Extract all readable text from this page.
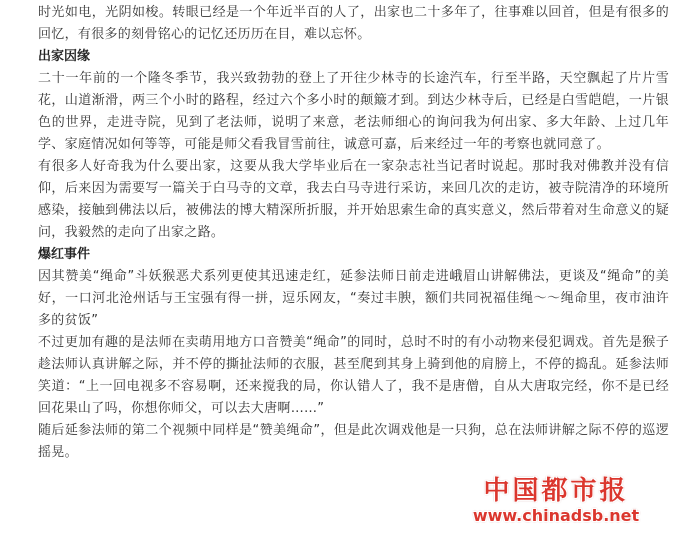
时光如电，光阴如梭。转眼已经是一个年近半百的人了，出家也二十多年了，往事难以回首，但是有很多的回忆，有很多的刻骨铭心的记忆还历历在目，难以忘怀。

出家因缘

二十一年前的一个隆冬季节，我兴致勃勃的登上了开往少林寺的长途汽车，行至半路，天空飘起了片片雪花，山道渐滑，两三个小时的路程，经过六个多小时的颠簸才到。到达少林寺后，已经是白雪皑皑，一片银色的世界，走进寺院，见到了老法师，说明了来意，老法师细心的询问我为何出家、多大年龄、上过几年学、家庭情况如何等等，可能是师父看我冒雪前往，诚意可嘉，后来经过一年的考察也就同意了。

有很多人好奇我为什么要出家，这要从我大学毕业后在一家杂志社当记者时说起。那时我对佛教并没有信仰，后来因为需要写一篇关于白马寺的文章，我去白马寺进行采访，来回几次的走访，被寺院清净的环境所感染，接触到佛法以后，被佛法的博大精深所折服，并开始思索生命的真实意义，然后带着对生命意义的疑问，我毅然的走向了出家之路。

爆红事件

因其赞美“绳命”斗妖猴恶犬系列更使其迅速走红，延参法师日前走进峨眉山讲解佛法，更谈及“绳命”的美好，一口河北沧州话与王宝强有得一拼，逗乐网友，“奏过丰腴，额们共同祝福佳绳～～绳命里，夜市油许多的贫饭”

不过更加有趣的是法师在卖萌用地方口音赞美“绳命”的同时，总时不时的有小动物来侵犯调戏。首先是猴子趁法师认真讲解之际，并不停的撕扯法师的衣服，甚至爬到其身上骑到他的肩膀上，不停的捣乱。延参法师笑道：“上一回电视多不容易啊，还来搅我的局，你认错人了，我不是唐僧，自从大唐取完经，你不是已经回花果山了吗，你想你师父，可以去大唐啊……”

随后延参法师的第二个视频中同样是“赞美绳命”，但是此次调戏他是一只狗，总在法师讲解之际不停的巡逻摇晃。

中国都市报
www.chinadsb.net
